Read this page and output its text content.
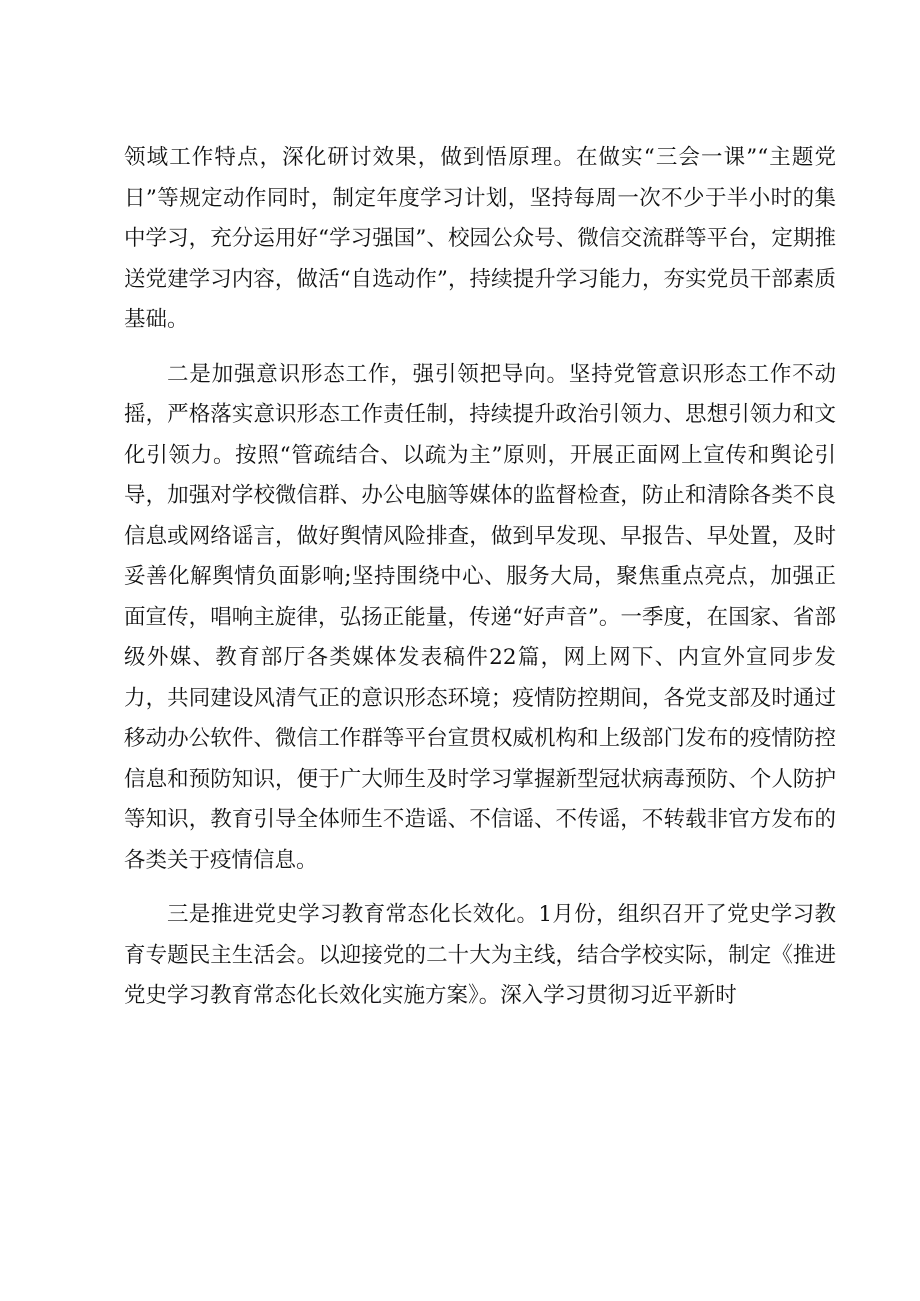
领域工作特点，深化研讨效果，做到悟原理。在做实“三会一课”“主题党日”等规定动作同时，制定年度学习计划，坚持每周一次不少于半小时的集中学习，充分运用好“学习强国”、校园公众号、微信交流群等平台，定期推送党建学习内容，做活“自选动作”，持续提升学习能力，夯实党员干部素质基础。

二是加强意识形态工作，强引领把导向。坚持党管意识形态工作不动摇，严格落实意识形态工作责任制，持续提升政治引领力、思想引领力和文化引领力。按照“管疏结合、以疏为主”原则，开展正面网上宣传和舆论引导，加强对学校微信群、办公电脑等媒体的监督检查，防止和清除各类不良信息或网络谣言，做好舆情风险排查，做到早发现、早报告、早处置，及时妥善化解舆情负面影响;坚持围绕中心、服务大局，聚焦重点亮点，加强正面宣传，唱响主旋律，弘扬正能量，传递“好声音”。一季度，在国家、省部级外媒、教育部厅各类媒体发表稿件22篇，网上网下、内宣外宣同步发力，共同建设风清气正的意识形态环境；疫情防控期间，各党支部及时通过移动办公软件、微信工作群等平台宣贯权威机构和上级部门发布的疫情防控信息和预防知识，便于广大师生及时学习掌握新型冠状病毒预防、个人防护等知识，教育引导全体师生不造谣、不信谣、不传谣，不转载非官方发布的各类关于疫情信息。

三是推进党史学习教育常态化长效化。1月份，组织召开了党史学习教育专题民主生活会。以迎接党的二十大为主线，结合学校实际，制定《推进党史学习教育常态化长效化实施方案》。深入学习贯彻习近平新时
